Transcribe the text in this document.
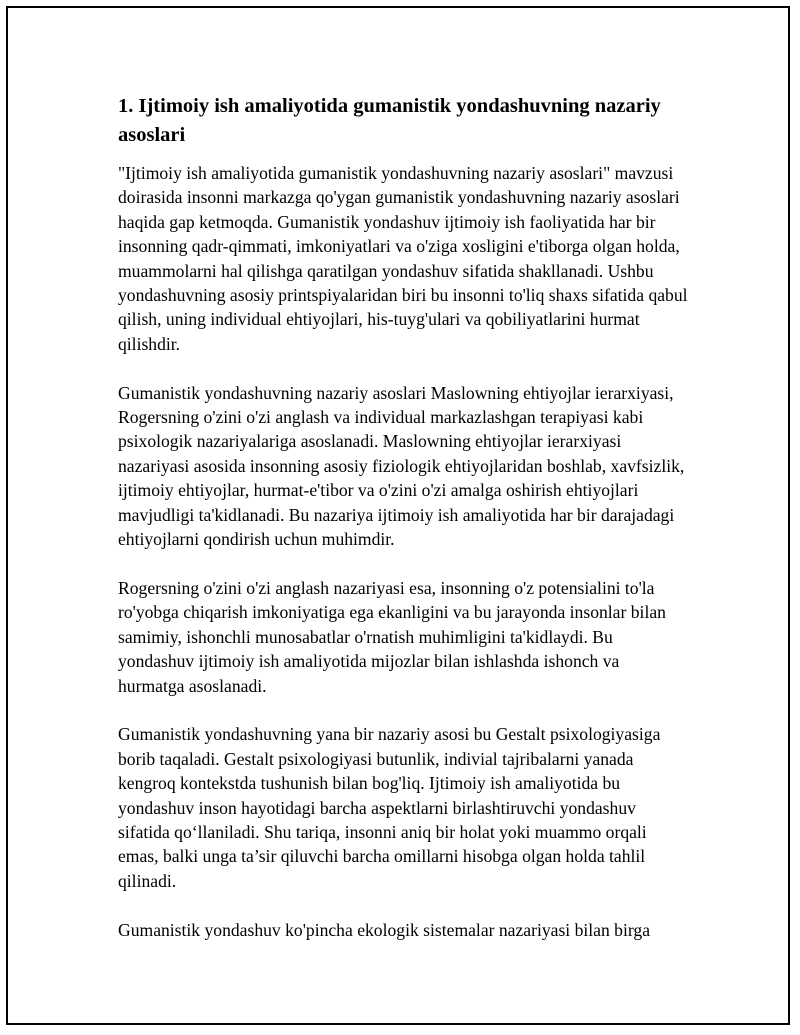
1. Ijtimoiy ish amaliyotida gumanistik yondashuvning nazariy asoslari

"Ijtimoiy ish amaliyotida gumanistik yondashuvning nazariy asoslari" mavzusi doirasida insonni markazga qo'ygan gumanistik yondashuvning nazariy asoslari haqida gap ketmoqda. Gumanistik yondashuv ijtimoiy ish faoliyatida har bir insonning qadr-qimmati, imkoniyatlari va o'ziga xosligini e'tiborga olgan holda, muammolarni hal qilishga qaratilgan yondashuv sifatida shakllanadi. Ushbu yondashuvning asosiy printspiyalaridan biri bu insonni to'liq shaxs sifatida qabul qilish, uning individual ehtiyojlari, his-tuyg'ulari va qobiliyatlarini hurmat qilishdir.

Gumanistik yondashuvning nazariy asoslari Maslowning ehtiyojlar ierarxiyasi, Rogersning o'zini o'zi anglash va individual markazlashgan terapiyasi kabi psixologik nazariyalariga asoslanadi. Maslowning ehtiyojlar ierarxiyasi nazariyasi asosida insonning asosiy fiziologik ehtiyojlaridan boshlab, xavfsizlik, ijtimoiy ehtiyojlar, hurmat-e'tibor va o'zini o'zi amalga oshirish ehtiyojlari mavjudligi ta'kidlanadi. Bu nazariya ijtimoiy ish amaliyotida har bir darajadagi ehtiyojlarni qondirish uchun muhimdir.

Rogersning o'zini o'zi anglash nazariyasi esa, insonning o'z potensialini to'la ro'yobga chiqarish imkoniyatiga ega ekanligini va bu jarayonda insonlar bilan samimiy, ishonchli munosabatlar o'rnatish muhimligini ta'kidlaydi. Bu yondashuv ijtimoiy ish amaliyotida mijozlar bilan ishlashda ishonch va hurmatga asoslanadi.

Gumanistik yondashuvning yana bir nazariy asosi bu Gestalt psixologiyasiga borib taqaladi. Gestalt psixologiyasi butunlik, indivial tajribalarni yanada kengroq kontekstda tushunish bilan bog'liq. Ijtimoiy ish amaliyotida bu yondashuv inson hayotidagi barcha aspektlarni birlashtiruvchi yondashuv sifatida qo‘llaniladi. Shu tariqa, insonni aniq bir holat yoki muammo orqali emas, balki unga ta’sir qiluvchi barcha omillarni hisobga olgan holda tahlil qilinadi.

Gumanistik yondashuv ko'pincha ekologik sistemalar nazariyasi bilan birga
